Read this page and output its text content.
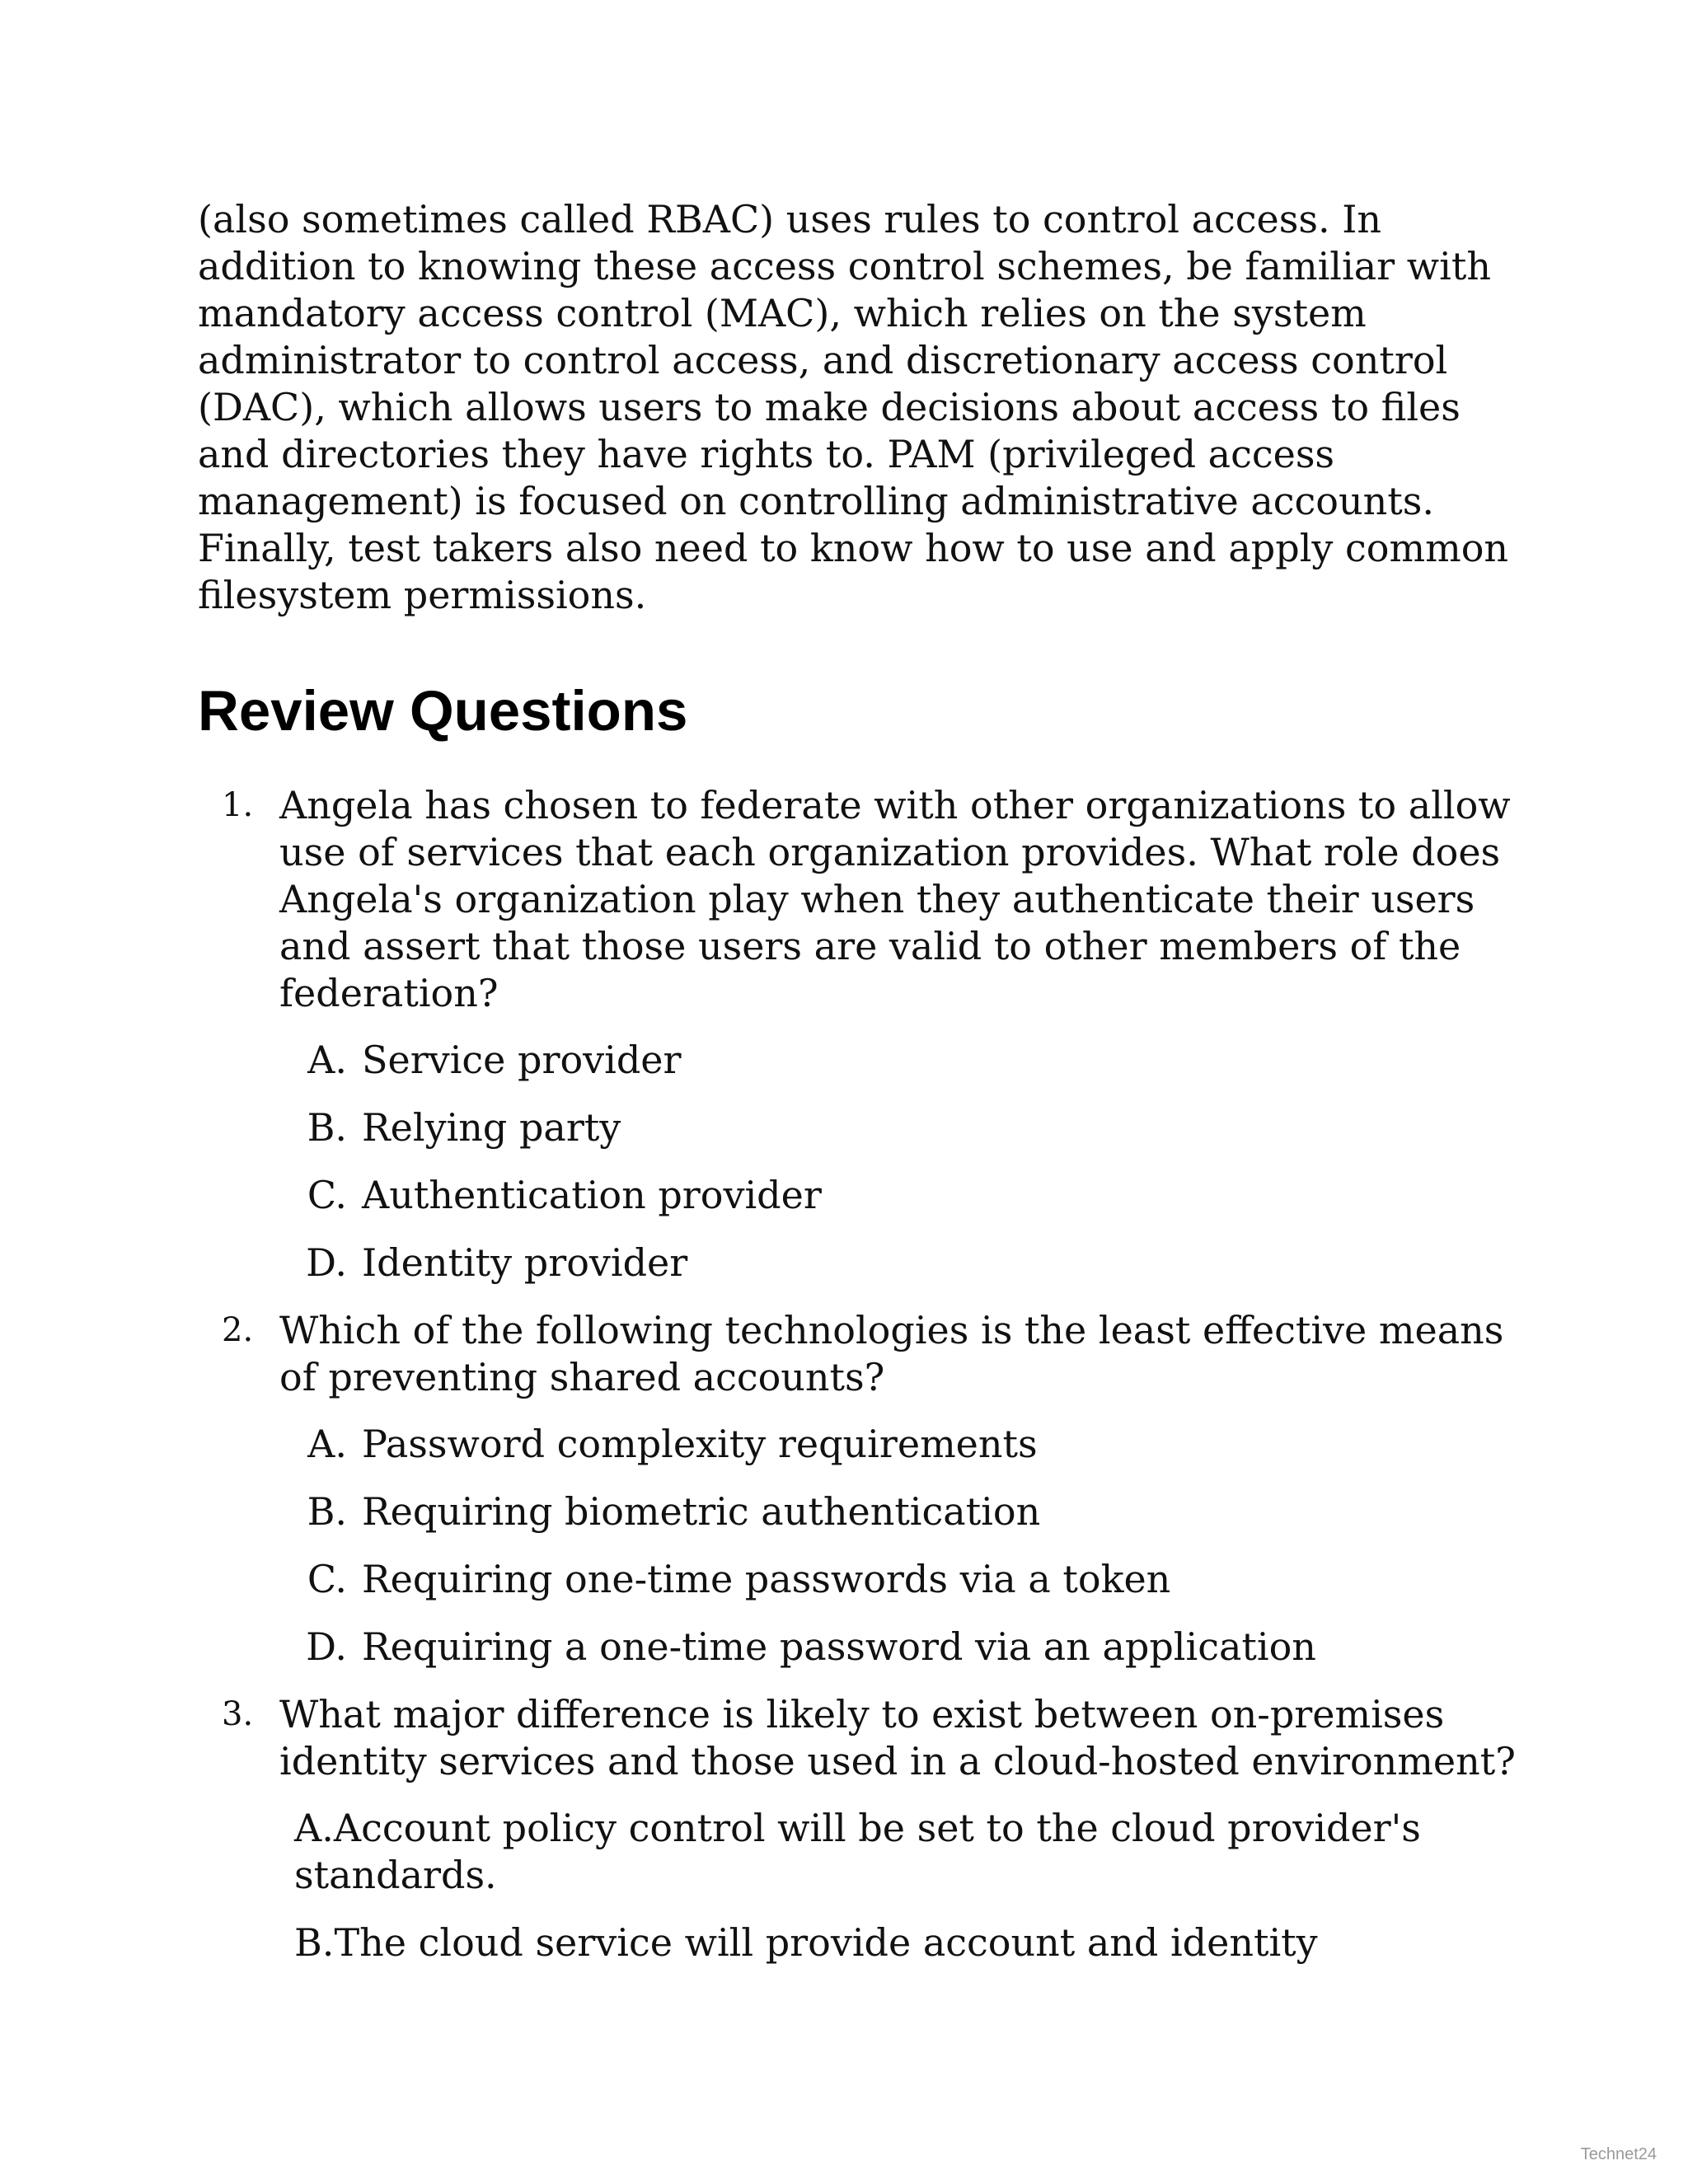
(also sometimes called RBAC) uses rules to control access. In addition to knowing these access control schemes, be familiar with mandatory access control (MAC), which relies on the system administrator to control access, and discretionary access control (DAC), which allows users to make decisions about access to files and directories they have rights to. PAM (privileged access management) is focused on controlling administrative accounts. Finally, test takers also need to know how to use and apply common filesystem permissions.

Review Questions
1. Angela has chosen to federate with other organizations to allow use of services that each organization provides. What role does Angela's organization play when they authenticate their users and assert that those users are valid to other members of the federation?
A. Service provider
B. Relying party
C. Authentication provider
D. Identity provider
2. Which of the following technologies is the least effective means of preventing shared accounts?
A. Password complexity requirements
B. Requiring biometric authentication
C. Requiring one-time passwords via a token
D. Requiring a one-time password via an application
3. What major difference is likely to exist between on-premises identity services and those used in a cloud-hosted environment?
A.Account policy control will be set to the cloud provider's standards.
B.The cloud service will provide account and identity
Technet24
